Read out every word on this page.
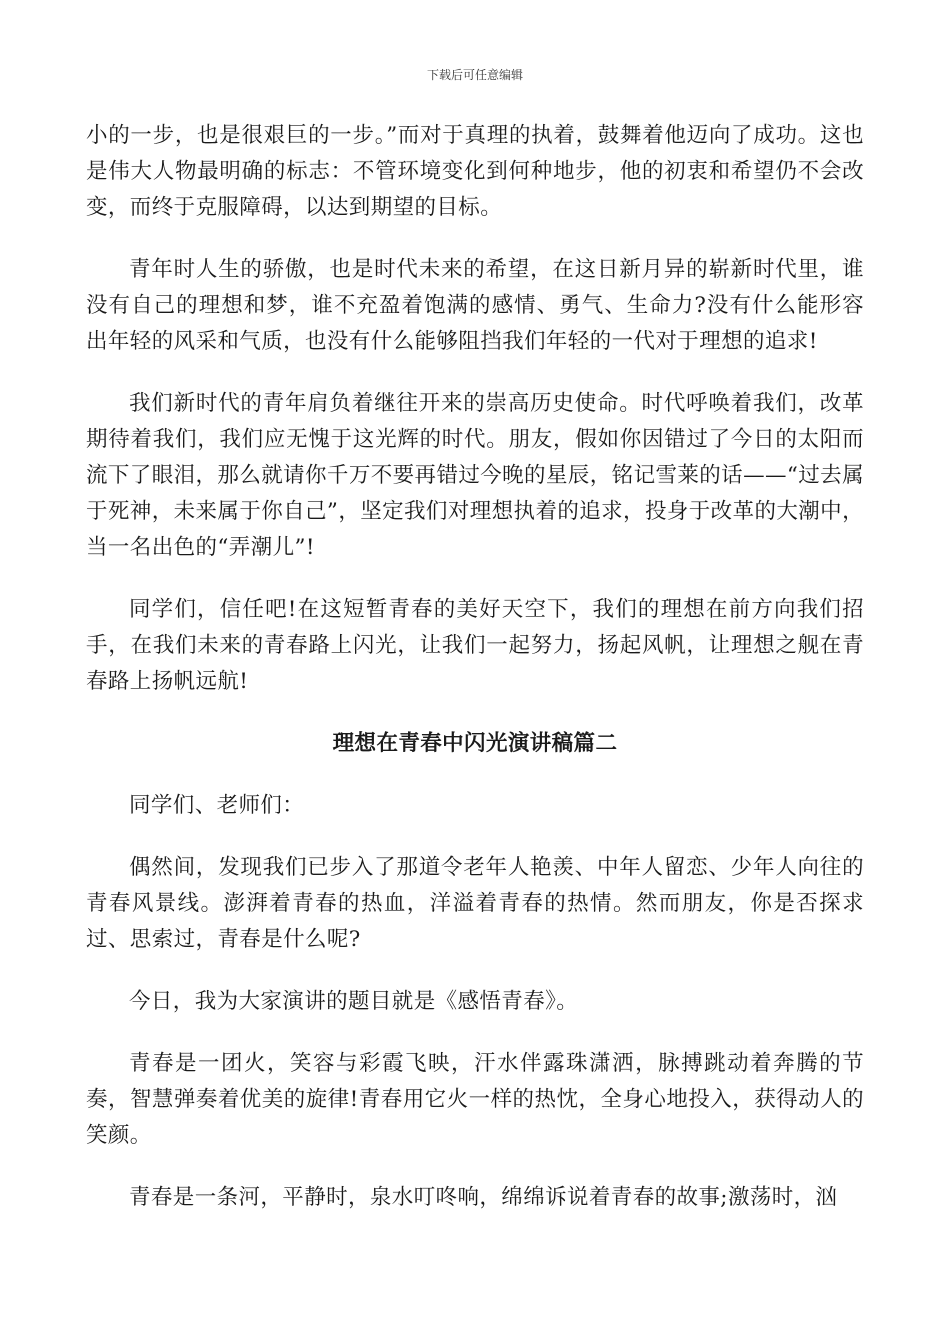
下载后可任意编辑

小的一步，也是很艰巨的一步。”而对于真理的执着，鼓舞着他迈向了成功。这也是伟大人物最明确的标志：不管环境变化到何种地步，他的初衷和希望仍不会改变，而终于克服障碍，以达到期望的目标。

青年时人生的骄傲，也是时代未来的希望，在这日新月异的崭新时代里，谁没有自己的理想和梦，谁不充盈着饱满的感情、勇气、生命力?没有什么能形容出年轻的风采和气质，也没有什么能够阻挡我们年轻的一代对于理想的追求!

我们新时代的青年肩负着继往开来的崇高历史使命。时代呼唤着我们，改革期待着我们，我们应无愧于这光辉的时代。朋友，假如你因错过了今日的太阳而流下了眼泪，那么就请你千万不要再错过今晚的星辰，铭记雪莱的话——“过去属于死神，未来属于你自己”，坚定我们对理想执着的追求，投身于改革的大潮中，当一名出色的“弄潮儿”!

同学们，信任吧!在这短暂青春的美好天空下，我们的理想在前方向我们招手，在我们未来的青春路上闪光，让我们一起努力，扬起风帆，让理想之舰在青春路上扬帆远航!

理想在青春中闪光演讲稿篇二

同学们、老师们：

偶然间，发现我们已步入了那道令老年人艳羡、中年人留恋、少年人向往的青春风景线。澎湃着青春的热血，洋溢着青春的热情。然而朋友，你是否探求过、思索过，青春是什么呢?

今日，我为大家演讲的题目就是《感悟青春》。

青春是一团火，笑容与彩霞飞映，汗水伴露珠潇洒，脉搏跳动着奔腾的节奏，智慧弹奏着优美的旋律!青春用它火一样的热忱，全身心地投入，获得动人的笑颜。

青春是一条河，平静时，泉水叮咚响，绵绵诉说着青春的故事;激荡时，汹
